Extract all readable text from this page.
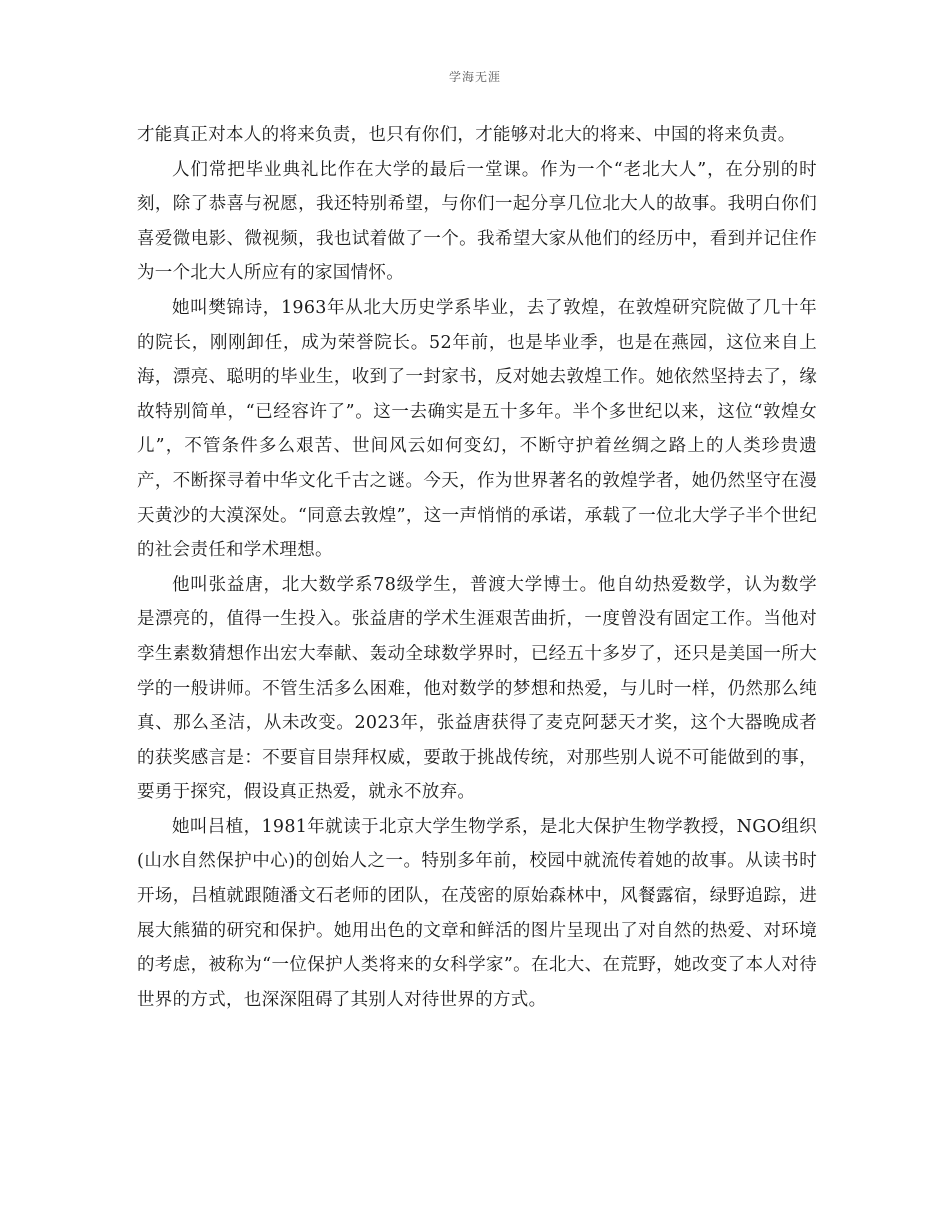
学海无涯

才能真正对本人的将来负责，也只有你们，才能够对北大的将来、中国的将来负责。

人们常把毕业典礼比作在大学的最后一堂课。作为一个“老北大人”，在分别的时刻，除了恭喜与祝愿，我还特别希望，与你们一起分享几位北大人的故事。我明白你们喜爱微电影、微视频，我也试着做了一个。我希望大家从他们的经历中，看到并记住作为一个北大人所应有的家国情怀。

她叫樊锦诗，1963年从北大历史学系毕业，去了敦煌，在敦煌研究院做了几十年的院长，刚刚卸任，成为荣誉院长。52年前，也是毕业季，也是在燕园，这位来自上海，漂亮、聪明的毕业生，收到了一封家书，反对她去敦煌工作。她依然坚持去了，缘故特别简单，“已经容许了”。这一去确实是五十多年。半个多世纪以来，这位“敦煌女儿”，不管条件多么艰苦、世间风云如何变幻，不断守护着丝绸之路上的人类珍贵遗产，不断探寻着中华文化千古之谜。今天，作为世界著名的敦煌学者，她仍然坚守在漫天黄沙的大漠深处。“同意去敦煌”，这一声悄悄的承诺，承载了一位北大学子半个世纪的社会责任和学术理想。

他叫张益唐，北大数学系78级学生，普渡大学博士。他自幼热爱数学，认为数学是漂亮的，值得一生投入。张益唐的学术生涯艰苦曲折，一度曾没有固定工作。当他对孪生素数猜想作出宏大奉献、轰动全球数学界时，已经五十多岁了，还只是美国一所大学的一般讲师。不管生活多么困难，他对数学的梦想和热爱，与儿时一样，仍然那么纯真、那么圣洁，从未改变。2023年，张益唐获得了麦克阿瑟天才奖，这个大器晚成者的获奖感言是：不要盲目崇拜权威，要敢于挑战传统，对那些别人说不可能做到的事，要勇于探究，假设真正热爱，就永不放弃。

她叫吕植，1981年就读于北京大学生物学系，是北大保护生物学教授，NGO组织(山水自然保护中心)的创始人之一。特别多年前，校园中就流传着她的故事。从读书时开场，吕植就跟随潘文石老师的团队，在茂密的原始森林中，风餐露宿，绿野追踪，进展大熊猫的研究和保护。她用出色的文章和鲜活的图片呈现出了对自然的热爱、对环境的考虑，被称为“一位保护人类将来的女科学家”。在北大、在荒野，她改变了本人对待世界的方式，也深深阻碍了其别人对待世界的方式。
